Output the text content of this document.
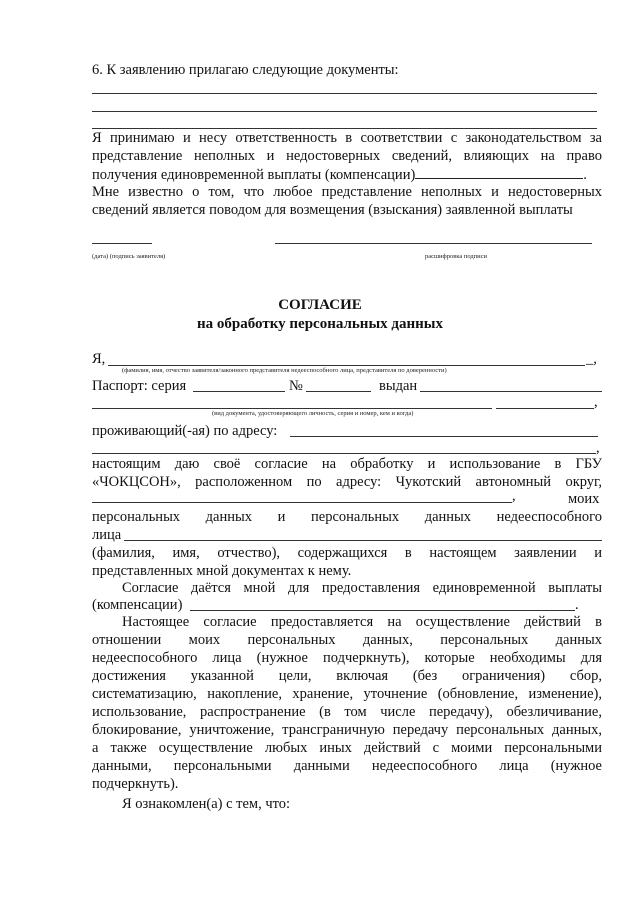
6. К заявлению прилагаю следующие документы:
Я принимаю и несу ответственность в соответствии с законодательством за
представление неполных и недостоверных сведений, влияющих на право
получения единовременной выплаты (компенсации)	.
Мне известно о том, что любое представление неполных и недостоверных
сведений является поводом для возмещения (взыскания) заявленной выплаты
(дата) (подпись заявителя)	расшифровка подписи
СОГЛАСИЕ
на обработку персональных данных
Я,	_,
(фамилия, имя, отчество заявителя/законного представителя недееспособного лица, представителя по доверенности)
Паспорт: серия	№	выдан
,
(вид документа, удостоверяющего личность, серия и номер, кем и когда)
проживающий(-ая) по адресу:
,
настоящим даю своё согласие на обработку и использование в ГБУ
«ЧОКЦСОН», расположенном по адресу: Чукотский автономный округ,
,	моих
персональных данных и персональных данных недееспособного
лица
(фамилия, имя, отчество), содержащихся в настоящем заявлении и
представленных мной документах к нему.
Согласие даётся мной для предоставления единовременной выплаты
(компенсации)	.
Настоящее согласие предоставляется на осуществление действий в
отношении моих персональных данных, персональных данных
недееспособного лица (нужное подчеркнуть), которые необходимы для
достижения указанной цели, включая (без ограничения) сбор,
систематизацию, накопление, хранение, уточнение (обновление, изменение),
использование, распространение (в том числе передачу), обезличивание,
блокирование, уничтожение, трансграничную передачу персональных данных,
а также осуществление любых иных действий с моими персональными
данными, персональными данными недееспособного лица (нужное
подчеркнуть).
Я ознакомлен(а) с тем, что:
